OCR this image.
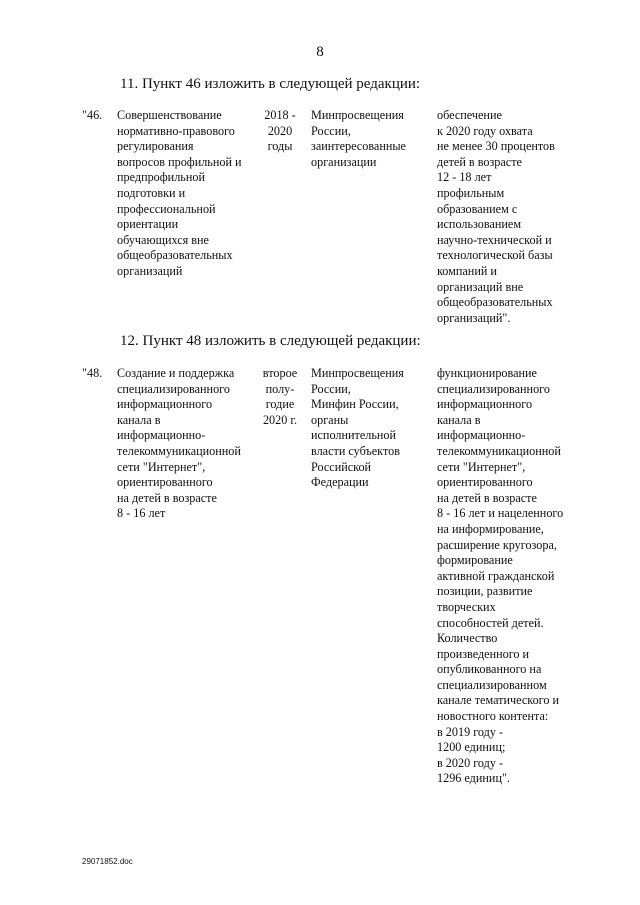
8
11. Пункт 46 изложить в следующей редакции:
"46.	Совершенствование
нормативно-правового
регулирования
вопросов профильной и
предпрофильной
подготовки и
профессиональной
ориентации
обучающихся вне
общеобразовательных
организаций
2018 -
2020
годы
Минпросвещения
России,
заинтересованные
организации
обеспечение
к 2020 году охвата
не менее 30 процентов
детей в возрасте
12 - 18 лет
профильным
образованием с
использованием
научно-технической и
технологической базы
компаний и
организаций вне
общеобразовательных
организаций".
12. Пункт 48 изложить в следующей редакции:
"48.	Создание и поддержка
специализированного
информационного
канала в
информационно-
телекоммуникационной
сети "Интернет",
ориентированного
на детей в возрасте
8 - 16 лет
второе
полу-
годие
2020 г.
Минпросвещения
России,
Минфин России,
органы
исполнительной
власти субъектов
Российской
Федерации
функционирование
специализированного
информационного
канала в
информационно-
телекоммуникационной
сети "Интернет",
ориентированного
на детей в возрасте
8 - 16 лет и нацеленного
на информирование,
расширение кругозора,
формирование
активной гражданской
позиции, развитие
творческих
способностей детей.
Количество
произведенного и
опубликованного на
специализированном
канале тематического и
новостного контента:
в 2019 году -
1200 единиц;
в 2020 году -
1296 единиц".
29071852.doc
